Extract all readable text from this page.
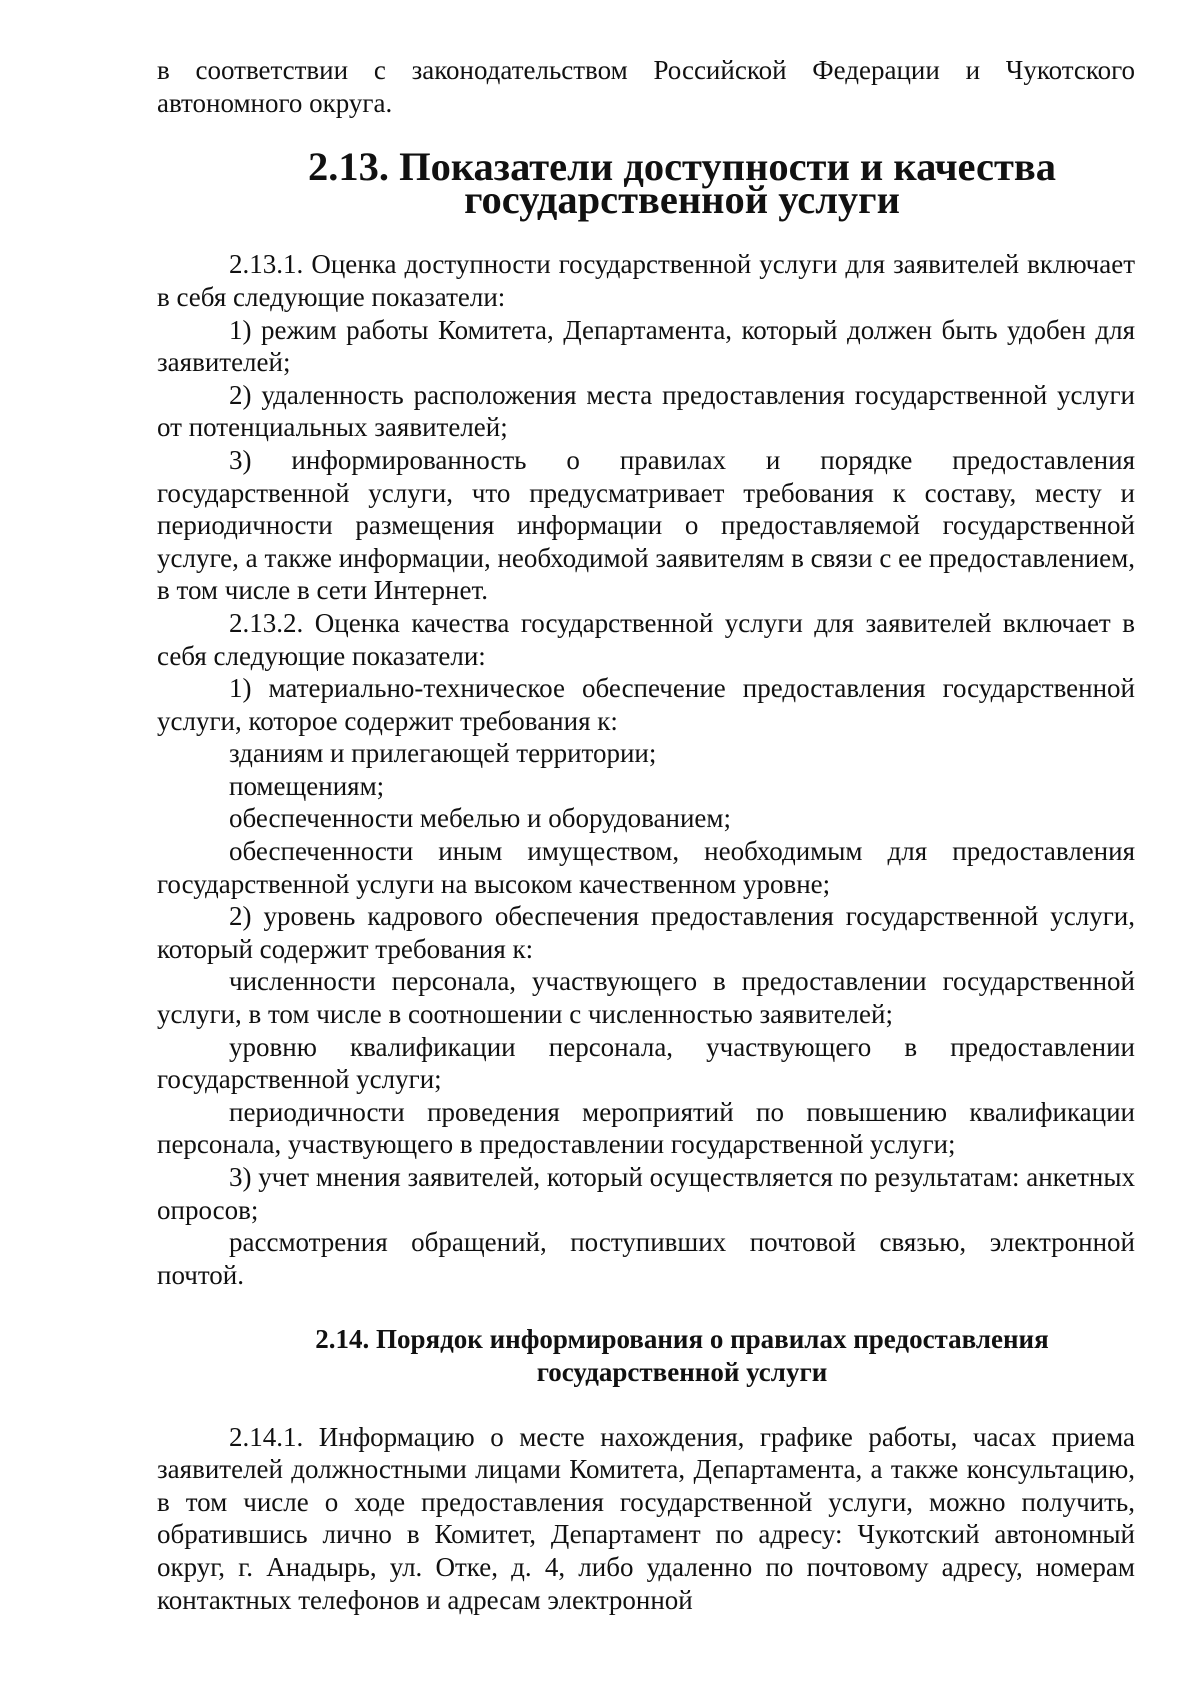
в соответствии с законодательством Российской Федерации и Чукотского автономного округа.

2.13. Показатели доступности и качества государственной услуги

2.13.1. Оценка доступности государственной услуги для заявителей включает в себя следующие показатели:

1) режим работы Комитета, Департамента, который должен быть удобен для заявителей;

2) удаленность расположения места предоставления государственной услуги от потенциальных заявителей;

3) информированность о правилах и порядке предоставления государственной услуги, что предусматривает требования к составу, месту и периодичности размещения информации о предоставляемой государственной услуге, а также информации, необходимой заявителям в связи с ее предоставлением, в том числе в сети Интернет.

2.13.2. Оценка качества государственной услуги для заявителей включает в себя следующие показатели:

1) материально-техническое обеспечение предоставления государственной услуги, которое содержит требования к:

зданиям и прилегающей территории;

помещениям;

обеспеченности мебелью и оборудованием;

обеспеченности иным имуществом, необходимым для предоставления государственной услуги на высоком качественном уровне;

2) уровень кадрового обеспечения предоставления государственной услуги, который содержит требования к:

численности персонала, участвующего в предоставлении государственной услуги, в том числе в соотношении с численностью заявителей;

уровню квалификации персонала, участвующего в предоставлении государственной услуги;

периодичности проведения мероприятий по повышению квалификации персонала, участвующего в предоставлении государственной услуги;

3) учет мнения заявителей, который осуществляется по результатам: анкетных опросов;

рассмотрения обращений, поступивших почтовой связью, электронной почтой.

2.14. Порядок информирования о правилах предоставления
государственной услуги

2.14.1. Информацию о месте нахождения, графике работы, часах приема заявителей должностными лицами Комитета, Департамента, а также консультацию, в том числе о ходе предоставления государственной услуги, можно получить, обратившись лично в Комитет, Департамент по адресу: Чукотский автономный округ, г. Анадырь, ул. Отке, д. 4, либо удаленно по почтовому адресу, номерам контактных телефонов и адресам электронной
